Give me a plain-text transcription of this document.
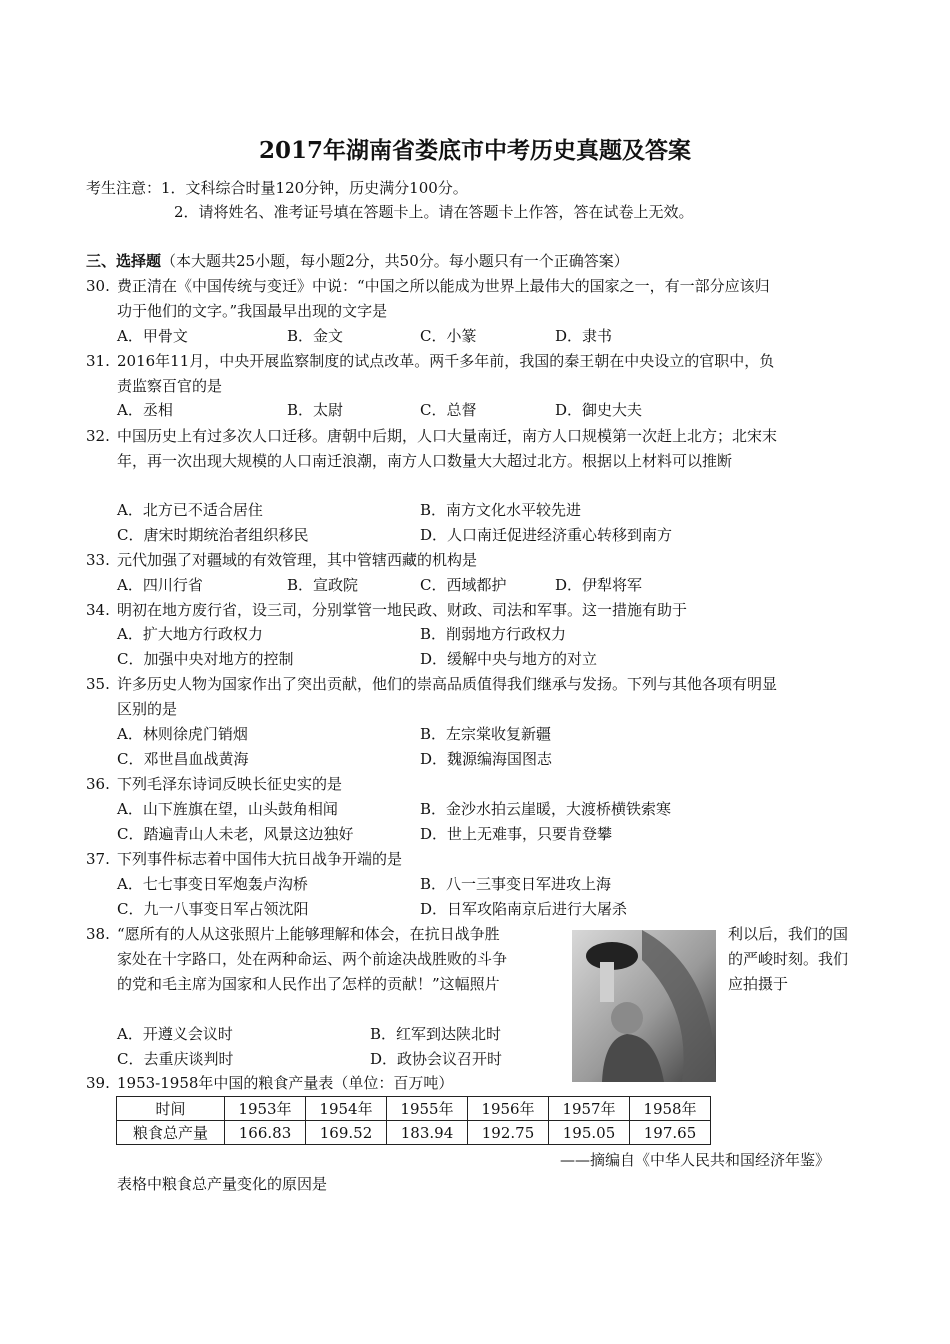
2017年湖南省娄底市中考历史真题及答案
考生注意：1．文科综合时量120分钟，历史满分100分。
2．请将姓名、准考证号填在答题卡上。请在答题卡上作答，答在试卷上无效。
三、选择题（本大题共25小题，每小题2分，共50分。每小题只有一个正确答案）
30. 费正清在《中国传统与变迁》中说：“中国之所以能成为世界上最伟大的国家之一，有一部分应该归
功于他们的文字。”我国最早出现的文字是
A．甲骨文	B．金文	C．小篆	D．隶书
31. 2016年11月，中央开展监察制度的试点改革。两千多年前，我国的秦王朝在中央设立的官职中，负
责监察百官的是
A．丞相	B．太尉	C．总督	D．御史大夫
32. 中国历史上有过多次人口迁移。唐朝中后期，人口大量南迁，南方人口规模第一次赶上北方；北宋末
年，再一次出现大规模的人口南迁浪潮，南方人口数量大大超过北方。根据以上材料可以推断
A．北方已不适合居住	B．南方文化水平较先进
C．唐宋时期统治者组织移民	D．人口南迁促进经济重心转移到南方
33. 元代加强了对疆域的有效管理，其中管辖西藏的机构是
A．四川行省	B．宣政院	C．西域都护	D．伊犁将军
34. 明初在地方废行省，设三司，分别掌管一地民政、财政、司法和军事。这一措施有助于
A．扩大地方行政权力	B．削弱地方行政权力
C．加强中央对地方的控制	D．缓解中央与地方的对立
35. 许多历史人物为国家作出了突出贡献，他们的崇高品质值得我们继承与发扬。下列与其他各项有明显
区别的是
A．林则徐虎门销烟	B．左宗棠收复新疆
C．邓世昌血战黄海	D．魏源编海国图志
36. 下列毛泽东诗词反映长征史实的是
A．山下旌旗在望，山头鼓角相闻	B．金沙水拍云崖暖，大渡桥横铁索寒
C．踏遍青山人未老，风景这边独好	D．世上无难事，只要肯登攀
37. 下列事件标志着中国伟大抗日战争开端的是
A．七七事变日军炮轰卢沟桥	B．八一三事变日军进攻上海
C．九一八事变日军占领沈阳	D．日军攻陷南京后进行大屠杀
38. “愿所有的人从这张照片上能够理解和体会，在抗日战争胜	利以后，我们的国
家处在十字路口，处在两种命运、两个前途决战胜败的斗争	的严峻时刻。我们
的党和毛主席为国家和人民作出了怎样的贡献！”这幅照片	应拍摄于
A．开遵义会议时	B．红军到达陕北时
C．去重庆谈判时	D．政协会议召开时
39. 1953-1958年中国的粮食产量表（单位：百万吨）
时间	1953年	1954年	1955年	1956年	1957年	1958年
粮食总产量	166.83	169.52	183.94	192.75	195.05	197.65
——摘编自《中华人民共和国经济年鉴》
表格中粮食总产量变化的原因是
